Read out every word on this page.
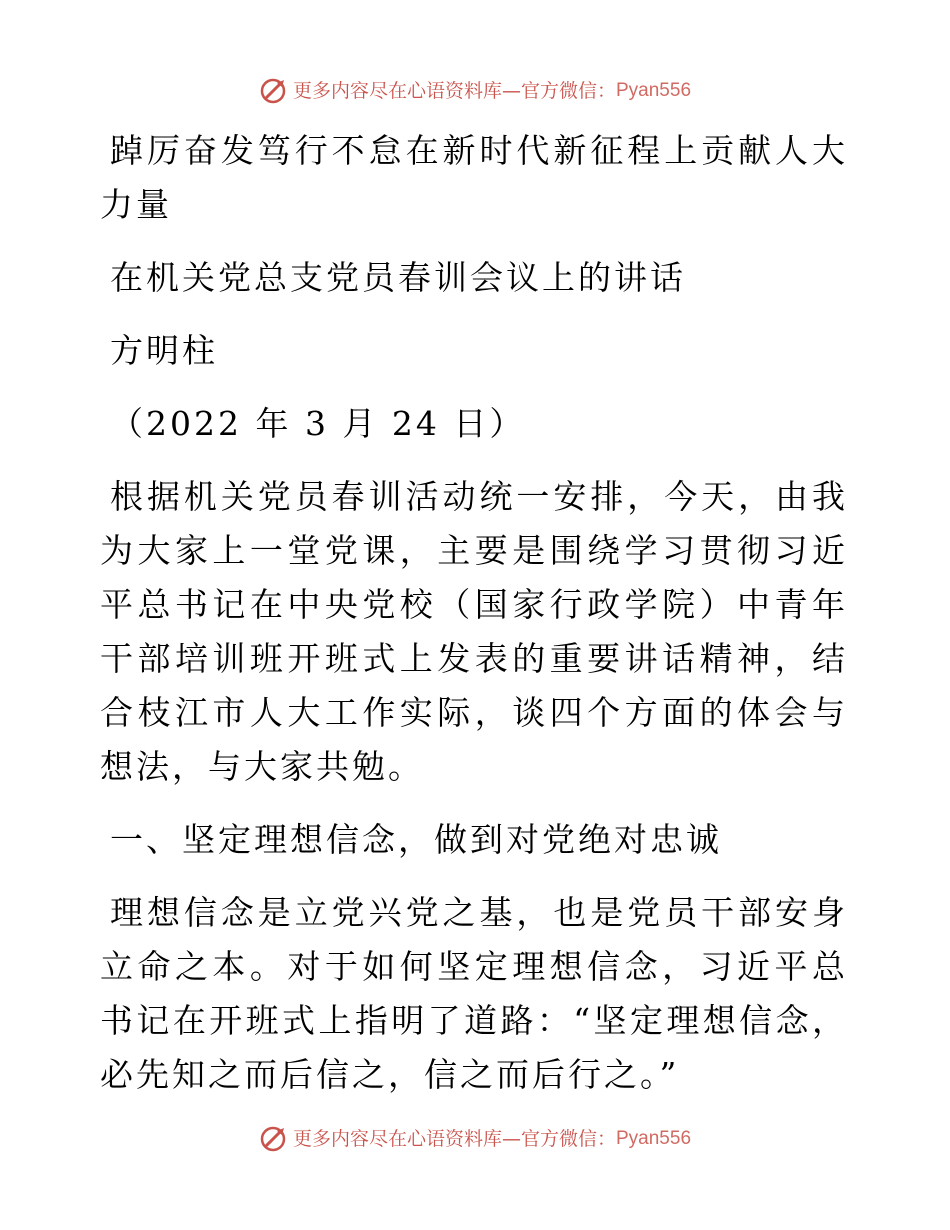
更多内容尽在心语资料库—官方微信：Pyan556

踔厉奋发笃行不怠在新时代新征程上贡献人大力量

在机关党总支党员春训会议上的讲话

方明柱

（2022 年 3 月 24 日）

根据机关党员春训活动统一安排，今天，由我为大家上一堂党课，主要是围绕学习贯彻习近平总书记在中央党校（国家行政学院）中青年干部培训班开班式上发表的重要讲话精神，结合枝江市人大工作实际，谈四个方面的体会与想法，与大家共勉。

一、坚定理想信念，做到对党绝对忠诚

理想信念是立党兴党之基，也是党员干部安身立命之本。对于如何坚定理想信念，习近平总书记在开班式上指明了道路：“坚定理想信念，必先知之而后信之，信之而后行之。”

更多内容尽在心语资料库—官方微信：Pyan556
